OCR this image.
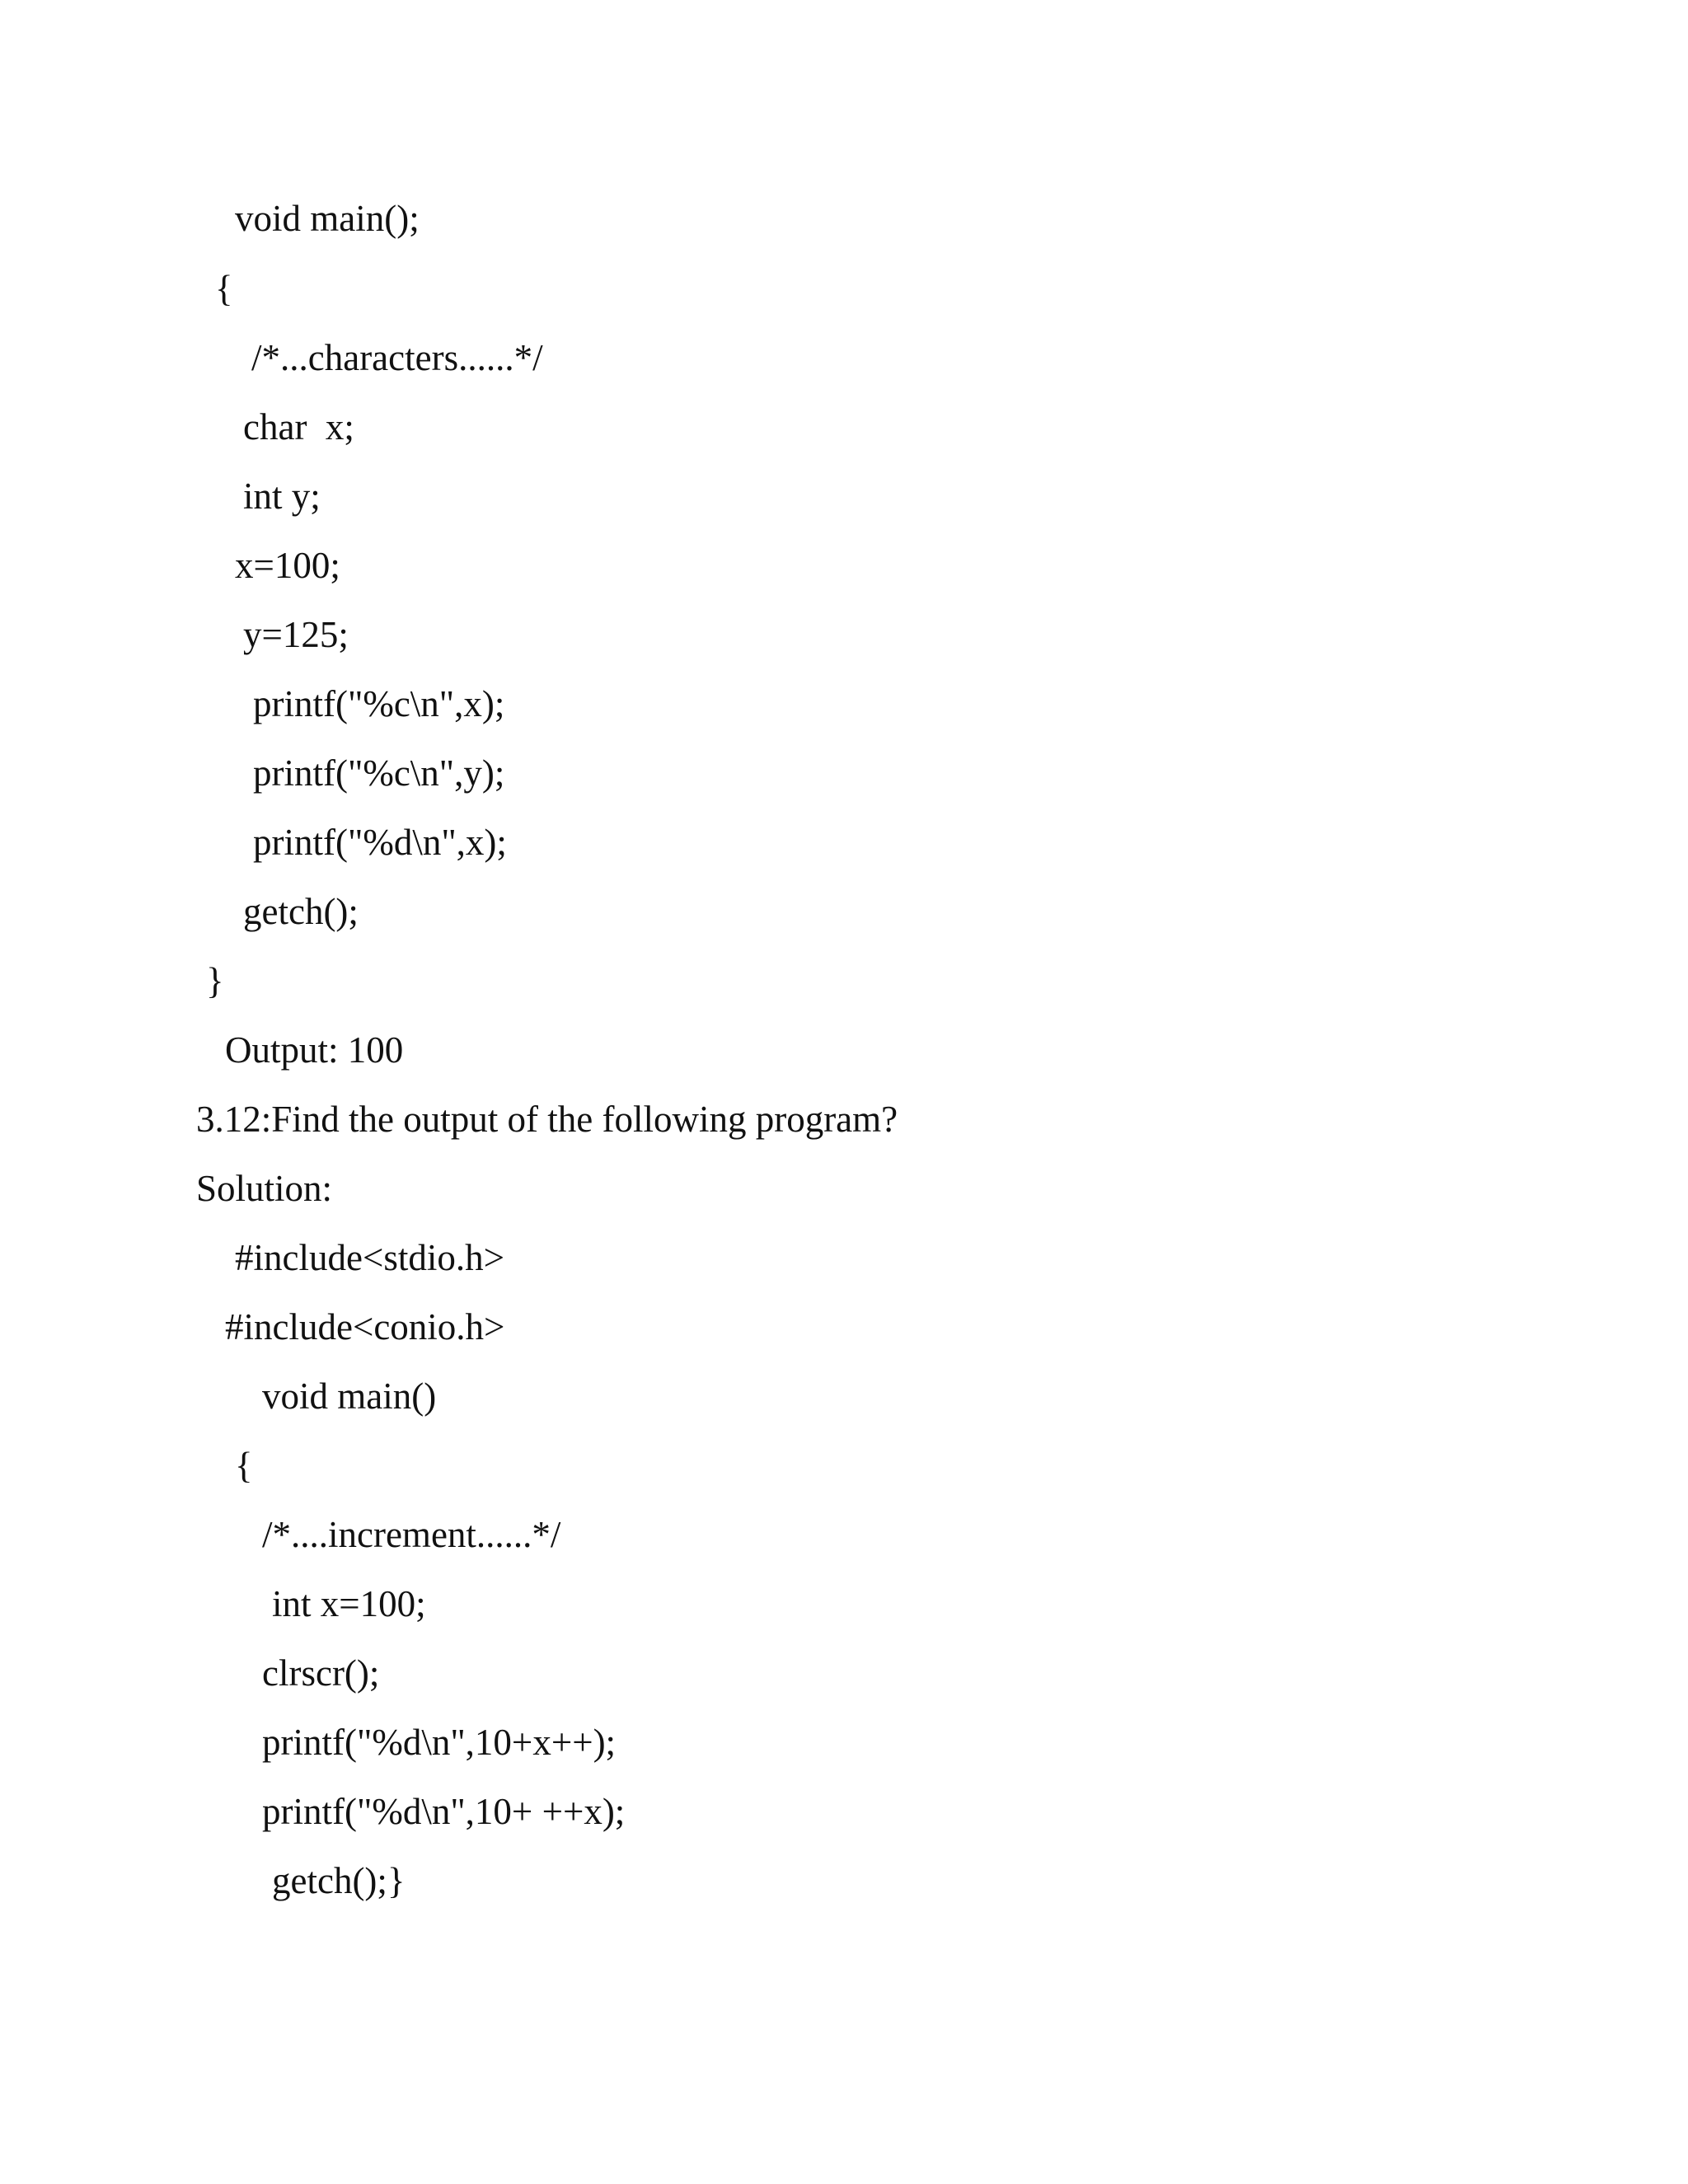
void main();
{
/*...characters......*/
char  x;
int y;
x=100;
y=125;
printf("%c\n",x);
printf("%c\n",y);
printf("%d\n",x);
getch();
}
Output: 100
3.12:Find the output of the following program?
Solution:
#include<stdio.h>
#include<conio.h>
void main()
{
/*....increment......*/
int x=100;
clrscr();
printf("%d\n",10+x++);
printf("%d\n",10+ ++x);
getch();}
